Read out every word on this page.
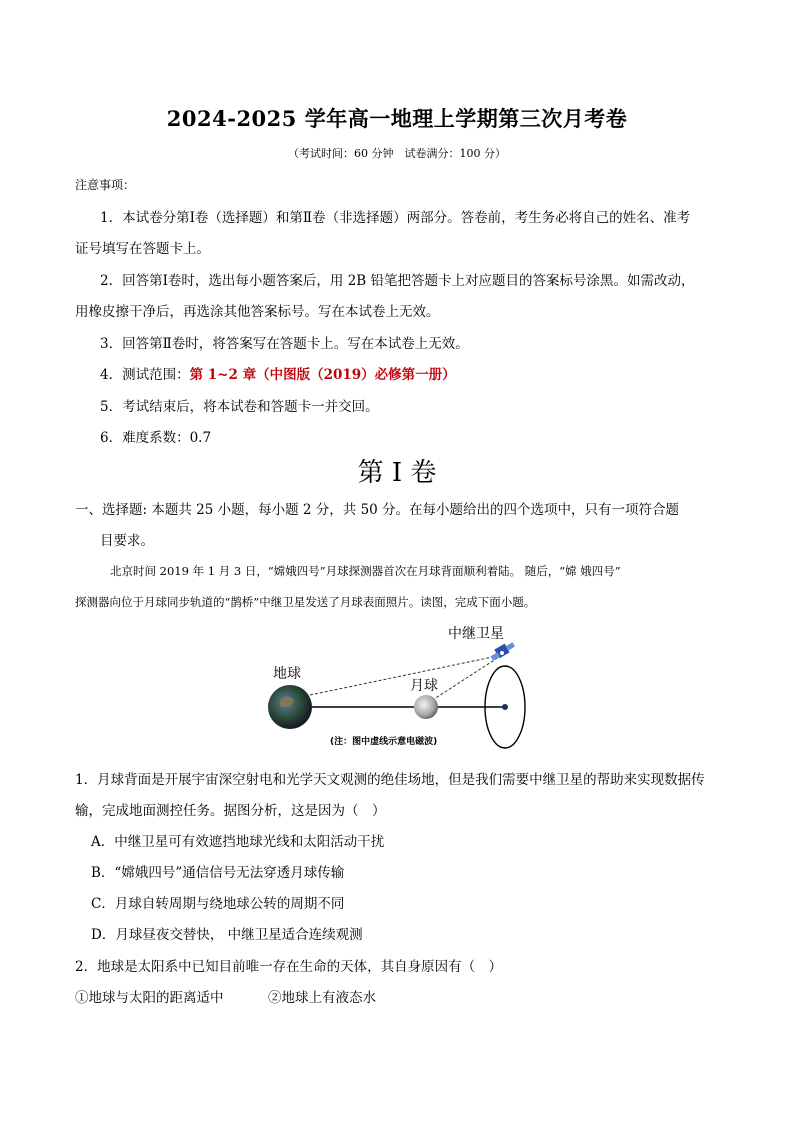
2024-2025 学年高一地理上学期第三次月考卷
（考试时间：60 分钟　试卷满分：100 分）
注意事项：
1．本试卷分第Ⅰ卷（选择题）和第Ⅱ卷（非选择题）两部分。答卷前，考生务必将自己的姓名、准考
证号填写在答题卡上。
2．回答第Ⅰ卷时，选出每小题答案后，用 2B 铅笔把答题卡上对应题目的答案标号涂黑。如需改动，
用橡皮擦干净后，再选涂其他答案标号。写在本试卷上无效。
3．回答第Ⅱ卷时，将答案写在答题卡上。写在本试卷上无效。
4．测试范围：第 1~2 章（中图版（2019）必修第一册）
5．考试结束后，将本试卷和答题卡一并交回。
6．难度系数：0.7
第 I 卷
一、选择题: 本题共 25 小题，每小题 2 分，共 50 分。在每小题给出的四个选项中，只有一项符合题
目要求。
北京时间 2019 年 1 月 3 日，“嫦娥四号”月球探测器首次在月球背面顺利着陆。 随后，“嫦 娥四号”
探测器向位于月球同步轨道的“鹊桥”中继卫星发送了月球表面照片。读图，完成下面小题。
中继卫星
地球
月球
(注：图中虚线示意电磁波)
1．月球背面是开展宇宙深空射电和光学天文观测的绝佳场地，但是我们需要中继卫星的帮助来实现数据传
输，完成地面测控任务。据图分析，这是因为（　）
A．中继卫星可有效遮挡地球光线和太阳活动干扰
B．“嫦娥四号”通信信号无法穿透月球传输
C．月球自转周期与绕地球公转的周期不同
D．月球昼夜交替快， 中继卫星适合连续观测
2．地球是太阳系中已知目前唯一存在生命的天体，其自身原因有（　）
①地球与太阳的距离适中	②地球上有液态水
